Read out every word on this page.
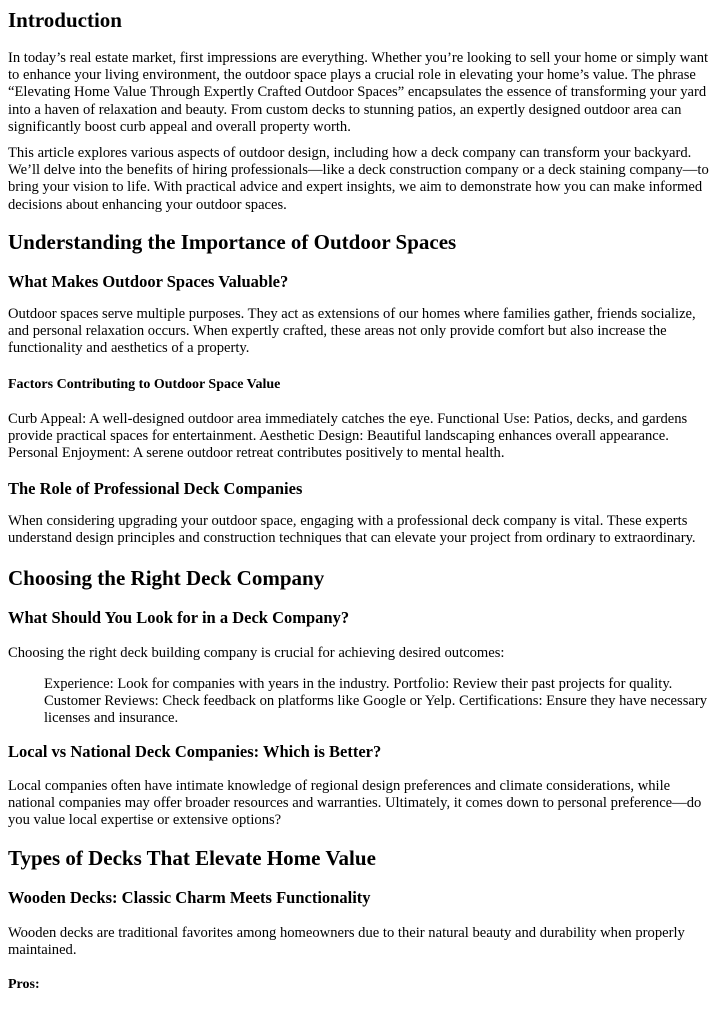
Introduction
In today’s real estate market, first impressions are everything. Whether you’re looking to sell your home or simply want
to enhance your living environment, the outdoor space plays a crucial role in elevating your home’s value. The phrase
“Elevating Home Value Through Expertly Crafted Outdoor Spaces” encapsulates the essence of transforming your yard
into a haven of relaxation and beauty. From custom decks to stunning patios, an expertly designed outdoor area can
significantly boost curb appeal and overall property worth.
This article explores various aspects of outdoor design, including how a deck company can transform your backyard.
We’ll delve into the benefits of hiring professionals—like a deck construction company or a deck staining company—to
bring your vision to life. With practical advice and expert insights, we aim to demonstrate how you can make informed
decisions about enhancing your outdoor spaces.
Understanding the Importance of Outdoor Spaces
What Makes Outdoor Spaces Valuable?
Outdoor spaces serve multiple purposes. They act as extensions of our homes where families gather, friends socialize,
and personal relaxation occurs. When expertly crafted, these areas not only provide comfort but also increase the
functionality and aesthetics of a property.
Factors Contributing to Outdoor Space Value
Curb Appeal: A well-designed outdoor area immediately catches the eye. Functional Use: Patios, decks, and gardens
provide practical spaces for entertainment. Aesthetic Design: Beautiful landscaping enhances overall appearance.
Personal Enjoyment: A serene outdoor retreat contributes positively to mental health.
The Role of Professional Deck Companies
When considering upgrading your outdoor space, engaging with a professional deck company is vital. These experts
understand design principles and construction techniques that can elevate your project from ordinary to extraordinary.
Choosing the Right Deck Company
What Should You Look for in a Deck Company?
Choosing the right deck building company is crucial for achieving desired outcomes:
Experience: Look for companies with years in the industry. Portfolio: Review their past projects for quality.
Customer Reviews: Check feedback on platforms like Google or Yelp. Certifications: Ensure they have necessary
licenses and insurance.
Local vs National Deck Companies: Which is Better?
Local companies often have intimate knowledge of regional design preferences and climate considerations, while
national companies may offer broader resources and warranties. Ultimately, it comes down to personal preference—do
you value local expertise or extensive options?
Types of Decks That Elevate Home Value
Wooden Decks: Classic Charm Meets Functionality
Wooden decks are traditional favorites among homeowners due to their natural beauty and durability when properly
maintained.
Pros:
